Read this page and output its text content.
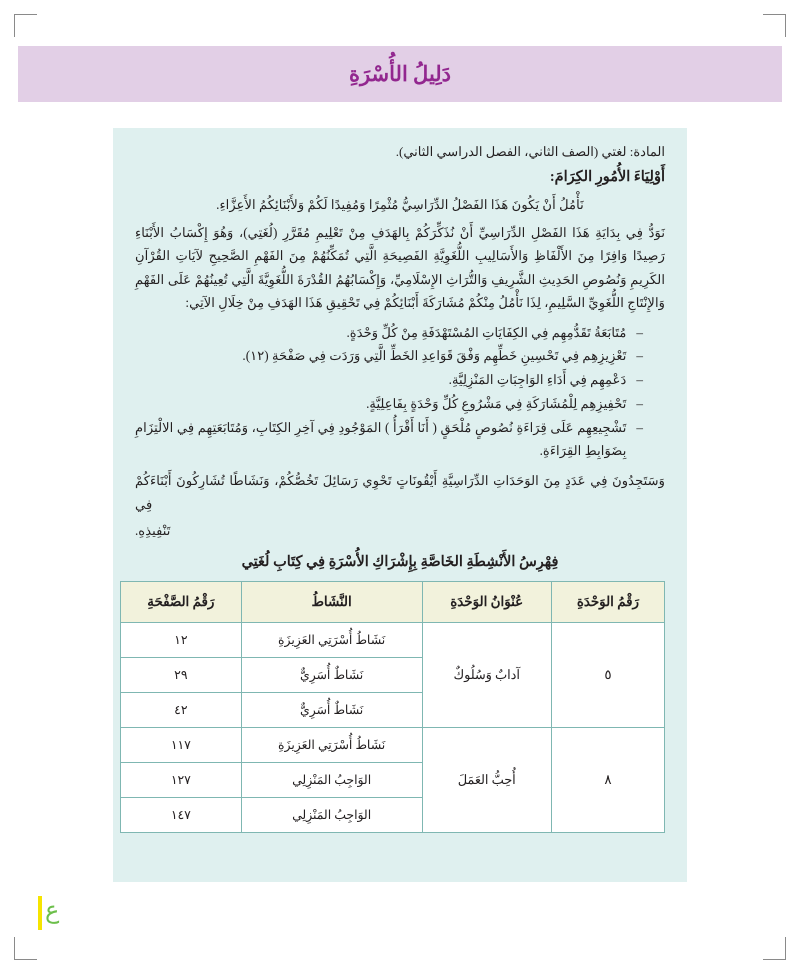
دَلِيلُ الأُسْرَةِ
المادة: لغتي (الصف الثاني، الفصل الدراسي الثاني).
أَوْلِيَاءَ الأُمُورِ الكِرَامَ:

نَأْمُلُ أَنْ يَكُونَ هَذَا الفَصْلُ الدِّرَاسِيُّ مُثْمِرًا وَمُفِيدًا لَكُمْ وَلأَبْنَائِكُمُ الأَعِزَّاءِ.

نَوَدُّ فِي بِدَايَةِ هَذَا الفَصْلِ الدِّرَاسِيِّ أَنْ نُذَكِّرَكُمْ بِالهَدَفِ مِنْ تَعْلِيمِ مُقَرَّرِ (لُغَتِي)، وَهُوَ إِكْسَابُ الأَبْنَاءِ رَصِيدًا وَافِرًا مِنَ الأَلْفَاظِ وَالأَسَالِيبِ اللُّغَوِيَّةِ الفَصِيحَةِ الَّتِي تُمَكِّنُهُمْ مِنَ الفَهْمِ الصَّحِيحِ لآيَاتِ القُرْآنِ الكَرِيمِ وَنُصُوصِ الحَدِيثِ الشَّرِيفِ وَالتُّرَاثِ الإِسْلَامِيِّ، وَإِكْسَابُهُمُ القُدْرَةَ اللُّغَوِيَّةَ الَّتِي تُعِينُهُمْ عَلَى الفَهْمِ وَالإِنْتَاجِ اللُّغَوِيِّ السَّلِيمِ، لِذَا نَأْمُلُ مِنْكُمْ مُشَارَكَةَ أَبْنَائِكُمْ فِي تَحْقِيقِ هَذَا الهَدَفِ مِنْ خِلَالِ الآتِي:

–
مُتَابَعَةُ تَقَدُّمِهِم فِي الكِفَايَاتِ المُسْتَهْدَفَةِ مِنْ كُلِّ وَحْدَةٍ.
–
تَعْزِيزِهِم فِي تَحْسِينِ خَطِّهِم وَفْقَ قَوَاعِدِ الخَطِّ الَّتِي وَرَدَت فِي صَفْحَةِ (١٢).
–
دَعْمِهِم فِي أَدَاءِ الوَاجِبَاتِ المَنْزِلِيَّةِ.
–
تَحْفِيزِهِم لِلْمُشَارَكَةِ فِي مَشْرُوعِ كُلِّ وَحْدَةٍ بِفَاعِلِيَّةٍ.
–
تَشْجِيعِهِم عَلَى قِرَاءَةِ نُصُوصٍ مُلْحَقٍ ( أَنَا أَقْرَأُ ) المَوْجُودِ فِي آخِرِ الكِتَابِ، وَمُتَابَعَتِهِم فِي الالْتِزَامِ بِضَوَابِطِ القِرَاءَةِ.

وَسَتَجِدُونَ فِي عَدَدٍ مِنَ الوَحَدَاتِ الدِّرَاسِيَّةِ أَيْقُونَاتٍ تَحْوِي رَسَائِلَ تَخُصُّكُمْ، وَنَشَاطًا تُشَارِكُونَ أَبْنَاءَكُمْ فِي

تَنْفِيذِهِ.

فِهْرِسُ الأَنْشِطَةِ الخَاصَّةِ بِإِشْرَاكِ الأُسْرَةِ فِي كِتَابِ لُغَتِي
رَقْمُ الوَحْدَةِ	عُنْوَانُ الوَحْدَةِ	النَّشَاطُ	رَقْمُ الصَّفْحَةِ
٥	آدابٌ وَسُلُوكٌ	نَشَاطُ أُسْرَتِي العَزِيزَةِ	١٢
		نَشَاطٌ أُسَرِيٌّ	٢٩
		نَشَاطٌ أُسَرِيٌّ	٤٢
٨	أُحِبُّ العَمَلَ	نَشَاطُ أُسْرَتِي العَزِيزَةِ	١١٧
		الوَاجِبُ المَنْزِلِي	١٢٧
		الوَاجِبُ المَنْزِلِي	١٤٧
ع
